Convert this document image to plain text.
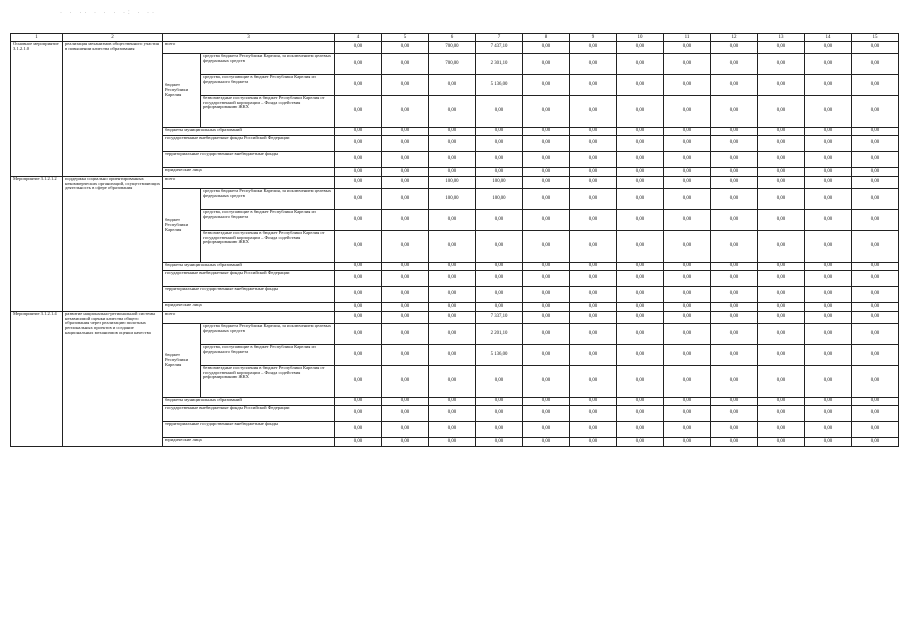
· · ·· · · · ·: · ··
1	2	3		4	5	6	7	8	9	10	11	12	13	14	15
Основное мероприятие 3.1.2.1.0	реализация механизмов общественного участия в повышении качества образования	всего		0,00	0,00	700,00	7 437,10	0,00	0,00	0,00	0,00	0,00	0,00	0,00	0,00
		бюджет Республики Карелия	средства бюджета Республики Карелия, за исключением целевых федеральных средств	0,00	0,00	700,00	2 301,10	0,00	0,00	0,00	0,00	0,00	0,00	0,00	0,00
			средства, поступающие в бюджет Республики Карелия из федерального бюджета	0,00	0,00	0,00	5 136,00	0,00	0,00	0,00	0,00	0,00	0,00	0,00	0,00
			безвозмездные поступления в бюджет Республики Карелия от государственной корпорации – Фонда содействия реформированию ЖКХ	0,00	0,00	0,00	0,00	0,00	0,00	0,00	0,00	0,00	0,00	0,00	0,00
		бюджеты муниципальных образований		0,00	0,00	0,00	0,00	0,00	0,00	0,00	0,00	0,00	0,00	0,00	0,00
		государственные внебюджетные фонды Российской Федерации		0,00	0,00	0,00	0,00	0,00	0,00	0,00	0,00	0,00	0,00	0,00	0,00
		территориальные государственные внебюджетные фонды		0,00	0,00	0,00	0,00	0,00	0,00	0,00	0,00	0,00	0,00	0,00	0,00
		юридические лица		0,00	0,00	0,00	0,00	0,00	0,00	0,00	0,00	0,00	0,00	0,00	0,00
Мероприятие 3.1.2.1.2	поддержка социально ориентированных некоммерческих организаций, осуществляющих деятельность в сфере образования	всего		0,00	0,00	100,00	100,00	0,00	0,00	0,00	0,00	0,00	0,00	0,00	0,00
		бюджет Республики Карелия	средства бюджета Республики Карелия, за исключением целевых федеральных средств	0,00	0,00	100,00	100,00	0,00	0,00	0,00	0,00	0,00	0,00	0,00	0,00
			средства, поступающие в бюджет Республики Карелия из федерального бюджета	0,00	0,00	0,00	0,00	0,00	0,00	0,00	0,00	0,00	0,00	0,00	0,00
			безвозмездные поступления в бюджет Республики Карелия от государственной корпорации – Фонда содействия реформированию ЖКХ	0,00	0,00	0,00	0,00	0,00	0,00	0,00	0,00	0,00	0,00	0,00	0,00
		бюджеты муниципальных образований		0,00	0,00	0,00	0,00	0,00	0,00	0,00	0,00	0,00	0,00	0,00	0,00
		государственные внебюджетные фонды Российской Федерации		0,00	0,00	0,00	0,00	0,00	0,00	0,00	0,00	0,00	0,00	0,00	0,00
		территориальные государственные внебюджетные фонды		0,00	0,00	0,00	0,00	0,00	0,00	0,00	0,00	0,00	0,00	0,00	0,00
		юридические лица		0,00	0,00	0,00	0,00	0,00	0,00	0,00	0,00	0,00	0,00	0,00	0,00
Мероприятие 3.1.2.1.4	развитие национально-региональной системы независимой оценки качества общего образования через реализацию пилотных региональных проектов и создание национальных механизмов оценки качества	всего		0,00	0,00	0,00	7 337,10	0,00	0,00	0,00	0,00	0,00	0,00	0,00	0,00
		бюджет Республики Карелия	средства бюджета Республики Карелия, за исключением целевых федеральных средств	0,00	0,00	0,00	2 201,10	0,00	0,00	0,00	0,00	0,00	0,00	0,00	0,00
			средства, поступающие в бюджет Республики Карелия из федерального бюджета	0,00	0,00	0,00	5 136,00	0,00	0,00	0,00	0,00	0,00	0,00	0,00	0,00
			безвозмездные поступления в бюджет Республики Карелия от государственной корпорации – Фонда содействия реформированию ЖКХ	0,00	0,00	0,00	0,00	0,00	0,00	0,00	0,00	0,00	0,00	0,00	0,00
		бюджеты муниципальных образований		0,00	0,00	0,00	0,00	0,00	0,00	0,00	0,00	0,00	0,00	0,00	0,00
		государственные внебюджетные фонды Российской Федерации		0,00	0,00	0,00	0,00	0,00	0,00	0,00	0,00	0,00	0,00	0,00	0,00
		территориальные государственные внебюджетные фонды		0,00	0,00	0,00	0,00	0,00	0,00	0,00	0,00	0,00	0,00	0,00	0,00
		юридические лица		0,00	0,00	0,00	0,00	0,00	0,00	0,00	0,00	0,00	0,00	0,00	0,00
